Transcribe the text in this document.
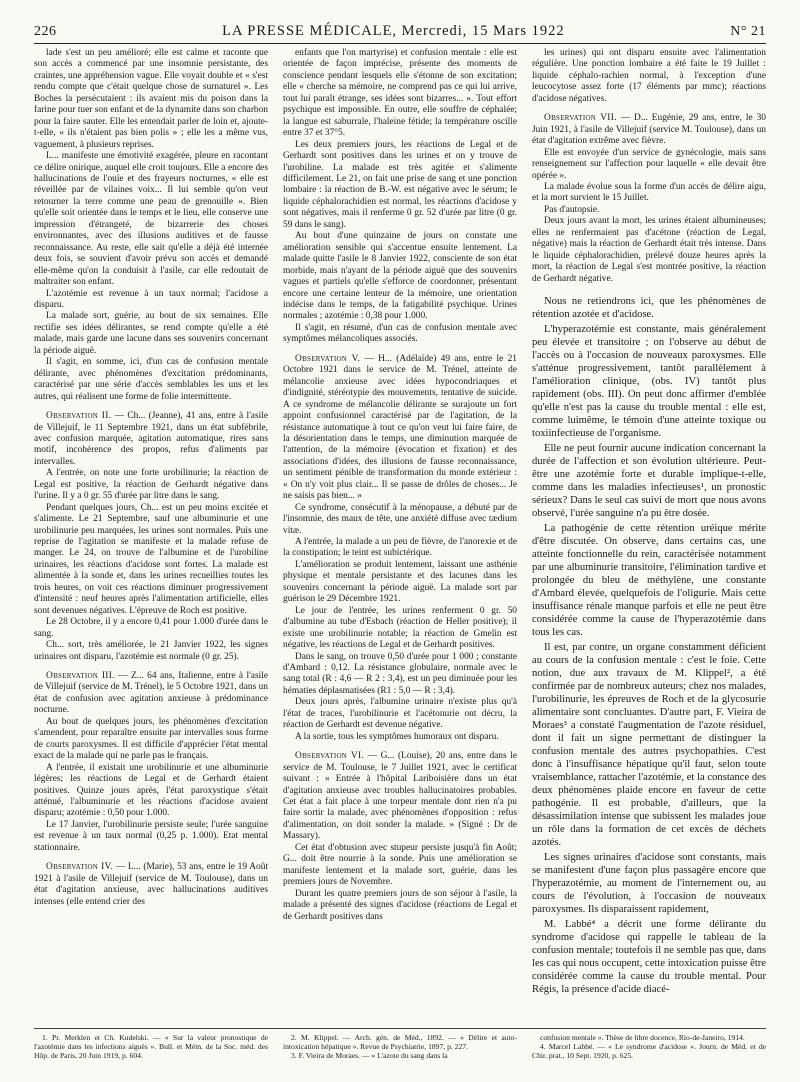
226	LA PRESSE MÉDICALE, Mercredi, 15 Mars 1922	N° 21

lade s'est un peu amélioré; elle est calme et raconte que son accès a commencé par une insomnie persistante, des craintes, une appréhension vague. Elle voyait double et « s'est rendu compte que c'était quelque chose de surnaturel ». Les Boches la persécutaient : ils avaient mis du poison dans la farine pour tuer son enfant et de la dynamite dans son charbon pour la faire sauter. Elle les entendait parler de loin et, ajoute-t-elle, « ils n'étaient pas bien polis » ; elle les a même vus, vaguement, à plusieurs reprises.

L... manifeste une émotivité exagérée, pleure en racontant ce délire onirique, auquel elle croit toujours. Elle a encore des hallucinations de l'ouïe et des frayeurs nocturnes, « elle est réveillée par de vilaines voix... Il lui semble qu'on veut retourner la terre comme une peau de grenouille ». Bien qu'elle soit orientée dans le temps et le lieu, elle conserve une impression d'étrangeté, de bizarrerie des choses environnantes, avec des illusions auditives et de fausse reconnaissance. Au reste, elle sait qu'elle a déjà été internée deux fois, se souvient d'avoir prévu son accès et demandé elle-même qu'on la conduisit à l'asile, car elle redoutait de maltraiter son enfant.

L'azotémie est revenue à un taux normal; l'acidose a disparu.

La malade sort, guérie, au bout de six semaines. Elle rectifie ses idées délirantes, se rend compte qu'elle a été malade, mais garde une lacune dans ses souvenirs concernant la période aiguë.

Il s'agit, en somme, ici, d'un cas de confusion mentale délirante, avec phénomènes d'excitation prédominants, caractérisé par une série d'accès semblables les uns et les autres, qui réalisent une forme de folie intermittente.

Observation II. — Ch... (Jeanne), 41 ans, entre à l'asile de Villejuif, le 11 Septembre 1921, dans un état subfébrile, avec confusion marquée, agitation automatique, rires sans motif, incohérence des propos, refus d'aliments par intervalles.

A l'entrée, on note une forte urobilinurie; la réaction de Legal est positive, la réaction de Gerhardt négative dans l'urine. Il y a 0 gr. 55 d'urée par litre dans le sang.

Pendant quelques jours, Ch... est un peu moins excitée et s'alimente. Le 21 Septembre, sauf une albuminurie et une urobilinurie peu marquées, les urines sont normales. Puis une reprise de l'agitation se manifeste et la malade refuse de manger. Le 24, on trouve de l'albumine et de l'urobiline urinaires, les réactions d'acidose sont fortes. La malade est alimentée à la sonde et, dans les urines recueillies toutes les trois heures, on voit ces réactions diminuer progressivement d'intensité : neuf heures après l'alimentation artificielle, elles sont devenues négatives. L'épreuve de Roch est positive.

Le 28 Octobre, il y a encore 0,41 pour 1.000 d'urée dans le sang.

Ch... sort, très améliorée, le 21 Janvier 1922, les signes urinaires ont disparu, l'azotémie est normale (0 gr. 25).

Observation III. — Z... 64 ans, Italienne, entre à l'asile de Villejuif (service de M. Trénel), le 5 Octobre 1921, dans un état de confusion avec agitation anxieuse à prédominance nocturne.

Au bout de quelques jours, les phénomènes d'excitation s'amendent, pour reparaître ensuite par intervalles sous forme de courts paroxysmes. Il est difficile d'apprécier l'état mental exact de la malade qui ne parle pas le français.

A l'entrée, il existait une urobilinurie et une albuminurie légères; les réactions de Legal et de Gerhardt étaient positives. Quinze jours après, l'état paroxystique s'était atténué, l'albuminurie et les réactions d'acidose avaient disparu; azotémie : 0,50 pour 1.000.

Le 17 Janvier, l'urobilinurie persiste seule; l'urée sanguine est revenue à un taux normal (0,25 p. 1.000). Etat mental stationnaire.

Observation IV. — L... (Marie), 53 ans, entre le 19 Août 1921 à l'asile de Villejuif (service de M. Toulouse), dans un état d'agitation anxieuse, avec hallucinations auditives intenses (elle entend crier des

enfants que l'on martyrise) et confusion mentale : elle est orientée de façon imprécise, présente des moments de conscience pendant lesquels elle s'étonne de son excitation; elle « cherche sa mémoire, ne comprend pas ce qui lui arrive, tout lui paraît étrange, ses idées sont bizarres... ». Tout effort psychique est impossible. En outre, elle souffre de céphalée; la langue est saburrale, l'haleine fétide; la température oscille entre 37 et 37°5.

Les deux premiers jours, les réactions de Legal et de Gerhardt sont positives dans les urines et on y trouve de l'urobiline. La malade est très agitée et s'alimente difficilement. Le 21, on fait une prise de sang et une ponction lombaire : la réaction de B.-W. est négative avec le sérum; le liquide céphalorachidien est normal, les réactions d'acidose y sont négatives, mais il renferme 0 gr. 52 d'urée par litre (0 gr. 59 dans le sang).

Au bout d'une quinzaine de jours on constate une amélioration sensible qui s'accentue ensuite lentement. La malade quitte l'asile le 8 Janvier 1922, consciente de son état morbide, mais n'ayant de la période aiguë que des souvenirs vagues et partiels qu'elle s'efforce de coordonner, présentant encore une certaine lenteur de la mémoire, une orientation indécise dans le temps, de la fatigabilité psychique. Urines normales ; azotémie : 0,38 pour 1.000.

Il s'agit, en résumé, d'un cas de confusion mentale avec symptômes mélancoliques associés.

Observation V. — H... (Adélaïde) 49 ans, entre le 21 Octobre 1921 dans le service de M. Trénel, atteinte de mélancolie anxieuse avec idées hypocondriaques et d'indignité, stéréotypie des mouvements, tentative de suicide. A ce syndrome de mélancolie délirante se surajoute un fort appoint confusionnel caractérisé par de l'agitation, de la résistance automatique à tout ce qu'on veut lui faire faire, de la désorientation dans le temps, une diminution marquée de l'attention, de la mémoire (évocation et fixation) et des associations d'idées, des illusions de fausse reconnaissance, un sentiment pénible de transformation du monde extérieur : « On n'y voit plus clair... Il se passe de drôles de choses... Je ne saisis pas bien... »

Ce syndrome, consécutif à la ménopause, a débuté par de l'insomnie, des maux de tête, une anxiété diffuse avec tædium vitæ.

A l'entrée, la malade a un peu de fièvre, de l'anorexie et de la constipation; le teint est subictérique.

L'amélioration se produit lentement, laissant une asthénie physique et mentale persistante et des lacunes dans les souvenirs concernant la période aiguë. La malade sort par guérison le 29 Décembre 1921.

Le jour de l'entrée, les urines renferment 0 gr. 50 d'albumine au tube d'Esbach (réaction de Heller positive); il existe une urobilinurie notable; la réaction de Gmelin est négative, les réactions de Legal et de Gerhardt positives.

Dans le sang, on trouve 0,50 d'urée pour 1 000 ; constante d'Ambard : 0,12. La résistance globulaire, normale avec le sang total (R : 4,6 — R 2 : 3,4), est un peu diminuée pour les hématies déplasmatisées (R1 : 5,0 — R : 3,4).

Deux jours après, l'albumine urinaire n'existe plus qu'à l'état de traces, l'urobilinurie et l'acétonurie ont décru, la réaction de Gerhardt est devenue négative.

A la sortie, tous les symptômes humoraux ont disparu.

Observation VI. — G... (Louise), 20 ans, entre dans le service de M. Toulouse, le 7 Juillet 1921, avec le certificat suivant : « Entrée à l'hôpital Lariboisière dans un état d'agitation anxieuse avec troubles hallucinatoires probables. Cet état a fait place à une torpeur mentale dont rien n'a pu faire sortir la malade, avec phénomènes d'opposition : refus d'alimentation, on doit sonder la malade. » (Signé : Dr de Massary).

Cet état d'obtusion avec stupeur persiste jusqu'à fin Août; G... doit être nourrie à la sonde. Puis une amélioration se manifeste lentement et la malade sort, guérie, dans les premiers jours de Novembre.

Durant les quatre premiers jours de son séjour à l'asile, la malade a présenté des signes d'acidose (réactions de Legal et de Gerhardt positives dans

les urines) qui ont disparu ensuite avec l'alimentation régulière. Une ponction lombaire a été faite le 19 Juillet : liquide céphalo-rachien normal, à l'exception d'une leucocytose assez forte (17 éléments par mmc); réactions d'acidose négatives.

Observation VII. — D... Eugénie, 29 ans, entre, le 30 Juin 1921, à l'asile de Villejuif (service M. Toulouse), dans un état d'agitation extrême avec fièvre.

Elle est envoyée d'un service de gynécologie, mais sans renseignement sur l'affection pour laquelle « elle devait être opérée ».

La malade évolue sous la forme d'un accès de délire aigu, et la mort survient le 15 Juillet.

Pas d'autopsie.

Deux jours avant la mort, les urines étaient albumineuses; elles ne renfermaient pas d'acétone (réaction de Legal, négative) mais la réaction de Gerhardt était très intense. Dans le liquide céphalorachidien, prélevé douze heures après la mort, la réaction de Legal s'est montrée positive, la réaction de Gerhardt négative.

Nous ne retiendrons ici, que les phénomènes de rétention azotée et d'acidose.

L'hyperazotémie est constante, mais généralement peu élevée et transitoire ; on l'observe au début de l'accès ou à l'occasion de nouveaux paroxysmes. Elle s'atténue progressivement, tantôt parallèlement à l'amélioration clinique, (obs. IV) tantôt plus rapidement (obs. III). On peut donc affirmer d'emblée qu'elle n'est pas la cause du trouble mental : elle est, comme luimême, le témoin d'une atteinte toxique ou toxiinfectieuse de l'organisme.

Elle ne peut fournir aucune indication concernant la durée de l'affection et son évolution ultérieure. Peut-être une azotémie forte et durable implique-t-elle, comme dans les maladies infectieuses¹, un pronostic sérieux? Dans le seul cas suivi de mort que nous avons observé, l'urée sanguine n'a pu être dosée.

La pathogénie de cette rétention uréique mérite d'être discutée. On observe, dans certains cas, une atteinte fonctionnelle du rein, caractérisée notamment par une albuminurie transitoire, l'élimination tardive et prolongée du bleu de méthylène, une constante d'Ambard élevée, quelquefois de l'oligurie. Mais cette insuffisance rénale manque parfois et elle ne peut être considérée comme la cause de l'hyperazotémie dans tous les cas.

Il est, par contre, un organe constamment déficient au cours de la confusion mentale : c'est le foie. Cette notion, due aux travaux de M. Klippel², a été confirmée par de nombreux auteurs; chez nos malades, l'urobilinurie, les épreuves de Roch et de la glycosurie alimentaire sont concluantes. D'autre part, F. Vieira de Moraes³ a constaté l'augmentation de l'azote résiduel, dont il fait un signe permettant de distinguer la confusion mentale des autres psychopathies. C'est donc à l'insuffisance hépatique qu'il faut, selon toute vraisemblance, rattacher l'azotémie, et la constance des deux phénomènes plaide encore en faveur de cette pathogénie. Il est probable, d'ailleurs, que la désassimilation intense que subissent les malades joue un rôle dans la formation de cet excès de déchets azotés.

Les signes urinaires d'acidose sont constants, mais se manifestent d'une façon plus passagère encore que l'hyperazotémie, au moment de l'internement ou, au cours de l'évolution, à l'occasion de nouveaux paroxysmes. Ils disparaissent rapidement,

M. Labbé⁴ a décrit une forme délirante du syndrome d'acidose qui rappelle le tableau de la confusion mentale; toutefois il ne semble pas que, dans les cas qui nous occupent, cette intoxication puisse être considérée comme la cause du trouble mental. Pour Régis, la présence d'acide diacé-

1. Pr. Merklen et Ch. Kudelski. — « Sur la valeur pronostique de l'azotémie dans les infections aiguës ». Bull. et Mém. de la Soc. méd. des Hôp. de Paris, 20 Juin 1919, p. 604.

2. M. Klippel. — Arch. gén. de Méd., 1892. — « Délire et auto-intoxication hépatique ». Revue de Psychiatrie, 1897, p. 227.

3. F. Vieira de Moraes. — « L'azote du sang dans la

confusion mentale ». Thèse de libre docence, Rio-de-Janeiro, 1914.

4. Marcel Labbé. — « Le syndrome d'acidose ». Journ. de Méd. et de Chir. prat., 10 Sept. 1920, p. 625.
